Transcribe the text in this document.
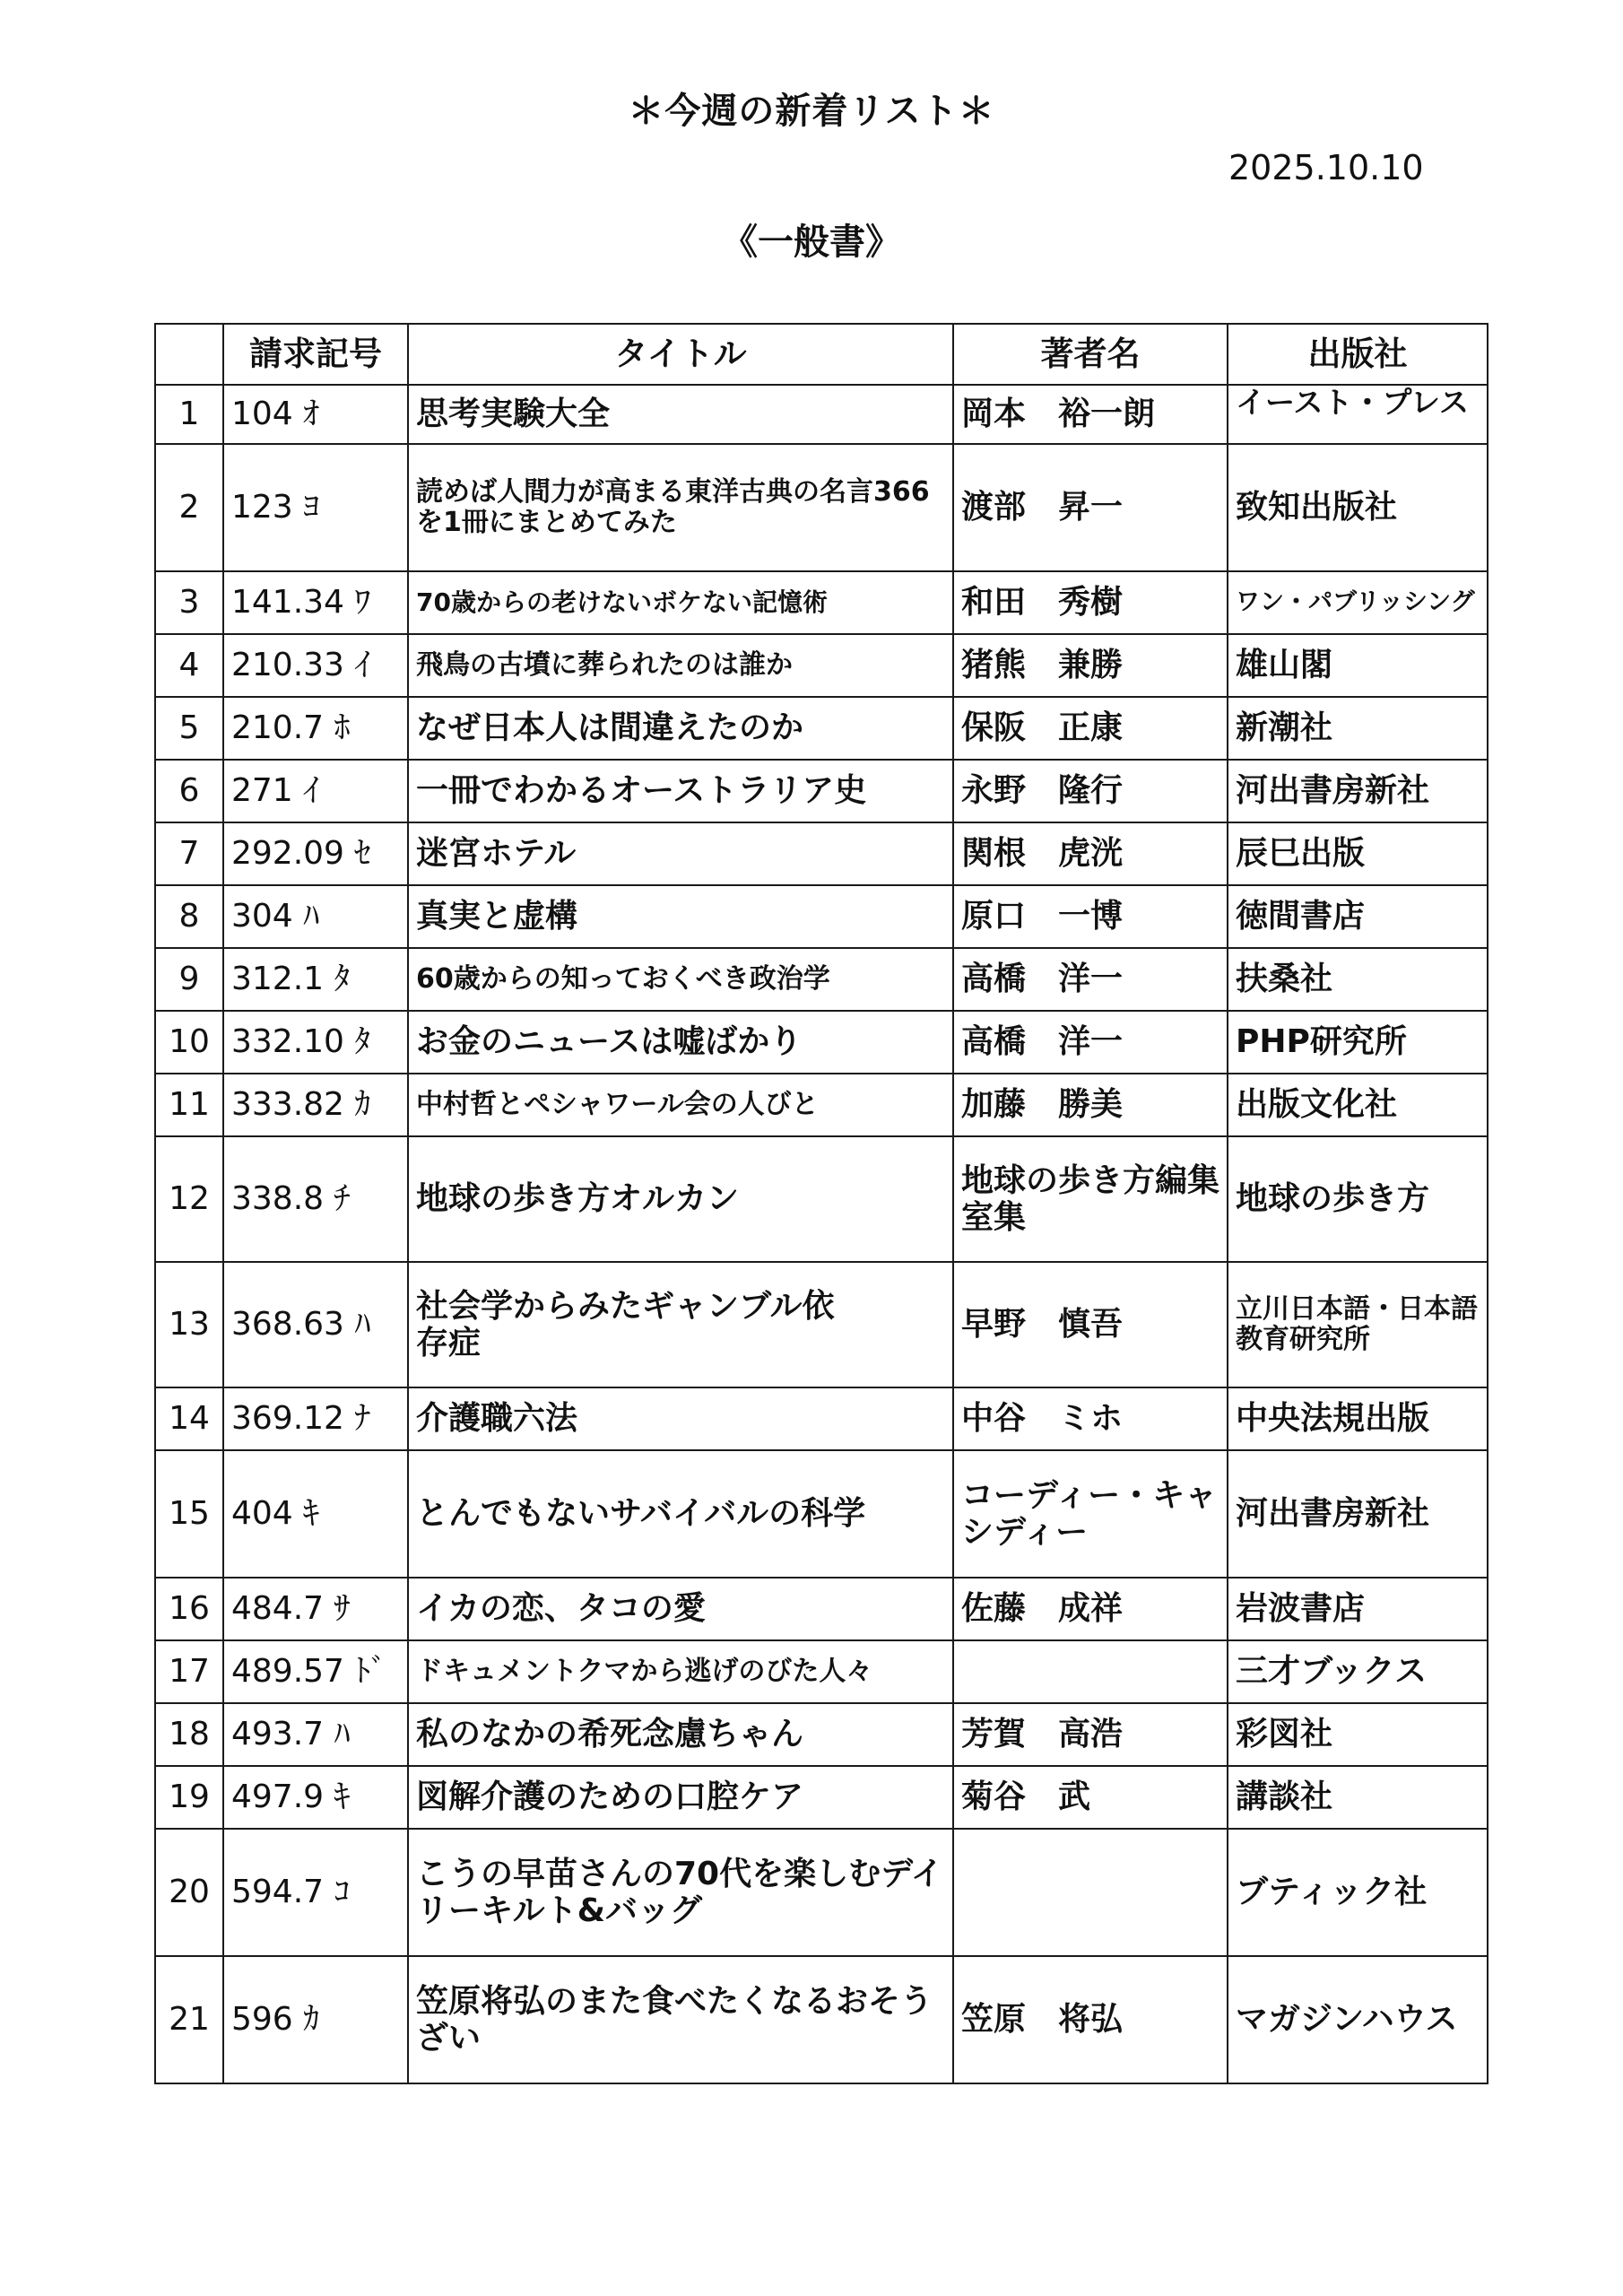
＊今週の新着リスト＊
2025.10.10
《一般書》
	請求記号	タイトル	著者名	出版社
1	104 ｵ	思考実験大全	岡本　裕一朗	イースト・プレス

2	123 ﾖ	読めば人間力が高まる東洋古典の名言366を1冊にまとめてみた	渡部　昇一	致知出版社
3	141.34 ﾜ	70歳からの老けないボケない記憶術	和田　秀樹	ワン・パブリッシング
4	210.33 ｲ	飛鳥の古墳に葬られたのは誰か	猪熊　兼勝	雄山閣
5	210.7 ﾎ	なぜ日本人は間違えたのか	保阪　正康	新潮社
6	271 ｲ	一冊でわかるオーストラリア史	永野　隆行	河出書房新社
7	292.09 ｾ	迷宮ホテル	関根　虎洸	辰巳出版
8	304 ﾊ	真実と虚構	原口　一博	徳間書店
9	312.1 ﾀ	60歳からの知っておくべき政治学	高橋　洋一	扶桑社
10	332.10 ﾀ	お金のニュースは嘘ばかり	高橋　洋一	PHP研究所
11	333.82 ｶ	中村哲とペシャワール会の人びと	加藤　勝美	出版文化社
12	338.8 ﾁ	地球の歩き方オルカン	地球の歩き方編集室集	地球の歩き方
13	368.63 ﾊ	社会学からみたギャンブル依存症	早野　慎吾	立川日本語・日本語教育研究所
14	369.12 ﾅ	介護職六法	中谷　ミホ	中央法規出版
15	404 ｷ	とんでもないサバイバルの科学	コーディー・キャシディー	河出書房新社
16	484.7 ｻ	イカの恋、タコの愛	佐藤　成祥	岩波書店
17	489.57 ﾄﾞ	ドキュメントクマから逃げのびた人々		三才ブックス
18	493.7 ﾊ	私のなかの希死念慮ちゃん	芳賀　高浩	彩図社
19	497.9 ｷ	図解介護のための口腔ケア	菊谷　武	講談社
20	594.7 ｺ	こうの早苗さんの70代を楽しむデイリーキルト&バッグ		ブティック社
21	596 ｶ	笠原将弘のまた食べたくなるおそうざい	笠原　将弘	マガジンハウス
